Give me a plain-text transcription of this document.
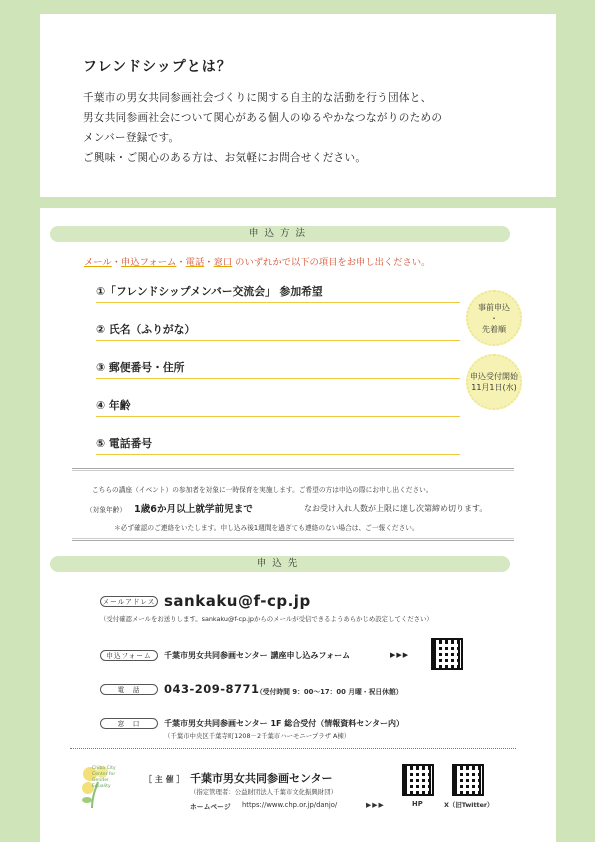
フレンドシップとは？
千葉市の男女共同参画社会づくりに関する自主的な活動を行う団体と、
男女共同参画社会について関心がある個人のゆるやかなつながりのための
メンバー登録です。
ご興味・ご関心のある方は、お気軽にお問合せください。
申込方法
メール・申込フォーム・電話・窓口 のいずれかで以下の項目をお申し出ください。
①「フレンドシップメンバー交流会」 参加希望
② 氏名（ふりがな）
③ 郵便番号・住所
④ 年齢
⑤ 電話番号
事前申込
・
先着順
申込受付開始
11月1日(水)
こちらの講座（イベント）の参加者を対象に一時保育を実施します。ご希望の方は申込の際にお申し出ください。
（対象年齢） 1歳6か月以上就学前児まで	なお受け入れ人数が上限に達し次第締め切ります。
＊必ず確認のご連絡をいたします。申し込み後1週間を過ぎても連絡のない場合は、ご一報ください。
申込先
メールアドレス sankaku@f-cp.jp
（受付確認メールをお送りします。sankaku@f-cp.jpからのメールが受信できるようあらかじめ設定してください）
申込フォーム	千葉市男女共同参画センター 講座申し込みフォーム	▶▶▶
電　話	043-209-8771
（受付時間 9：00～17：00 月曜・祝日休館）
窓　口	千葉市男女共同参画センター 1F 総合受付（情報資料センター内）
（千葉市中央区千葉寺町1208－2千葉市ハーモニープラザ A棟）
Chiba City
Center for
Gender
Equality
［ 主 催 ］ 千葉市男女共同参画センター
（指定管理者：公益財団法人千葉市文化振興財団）
ホームページ https://www.chp.or.jp/danjo/	▶▶▶	HP	X（旧Twitter）
